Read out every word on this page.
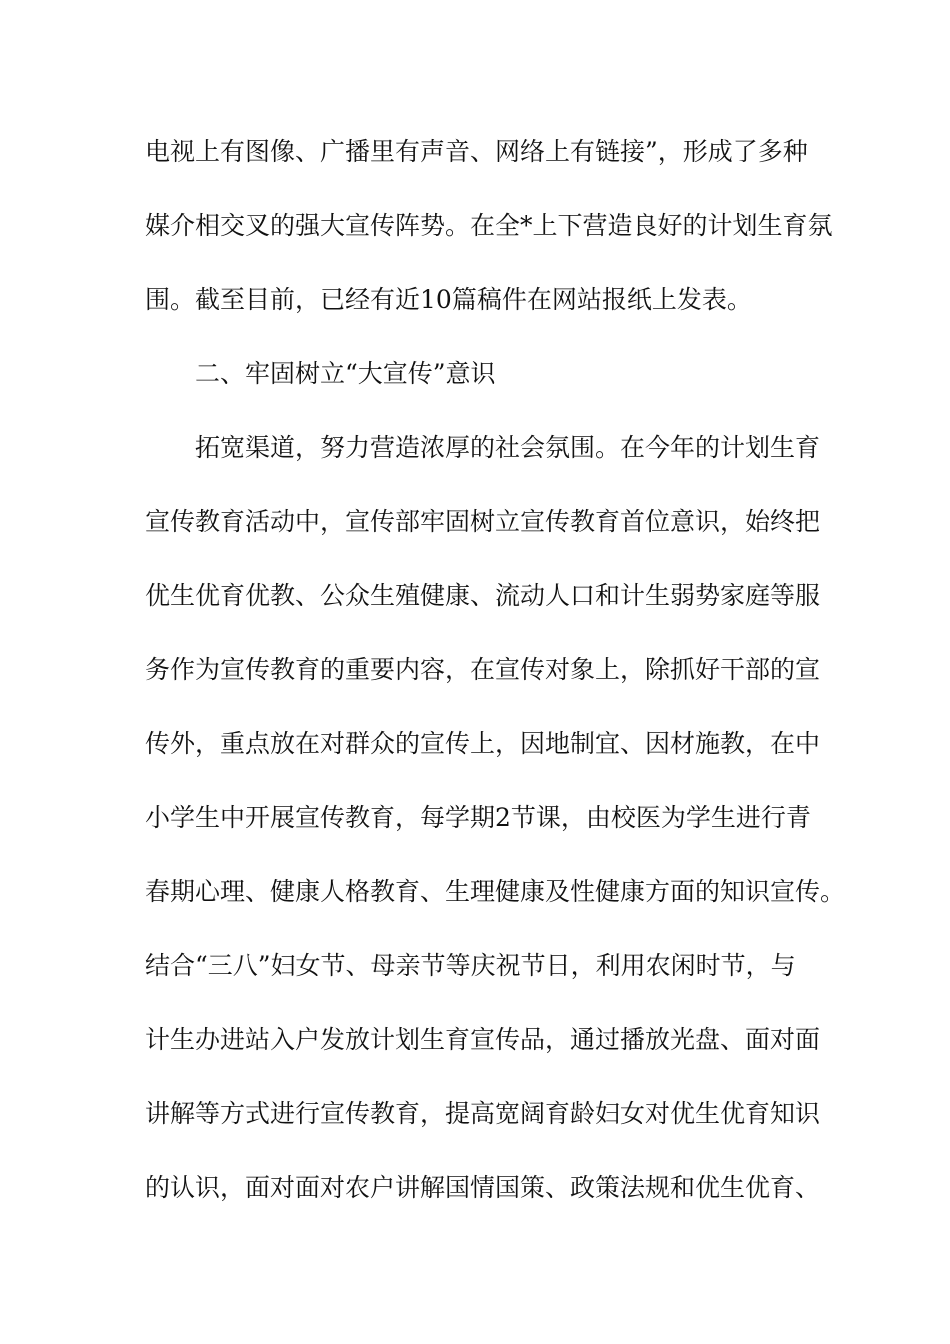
电视上有图像、广播里有声音、网络上有链接”，形成了多种

媒介相交叉的强大宣传阵势。在全*上下营造良好的计划生育氛

围。截至目前，已经有近10篇稿件在网站报纸上发表。

二、牢固树立“大宣传”意识

拓宽渠道，努力营造浓厚的社会氛围。在今年的计划生育

宣传教育活动中，宣传部牢固树立宣传教育首位意识，始终把

优生优育优教、公众生殖健康、流动人口和计生弱势家庭等服

务作为宣传教育的重要内容，在宣传对象上，除抓好干部的宣

传外，重点放在对群众的宣传上，因地制宜、因材施教，在中

小学生中开展宣传教育，每学期2节课，由校医为学生进行青

春期心理、健康人格教育、生理健康及性健康方面的知识宣传。

结合“三八”妇女节、母亲节等庆祝节日，利用农闲时节，与

计生办进站入户发放计划生育宣传品，通过播放光盘、面对面

讲解等方式进行宣传教育，提高宽阔育龄妇女对优生优育知识

的认识，面对面对农户讲解国情国策、政策法规和优生优育、
